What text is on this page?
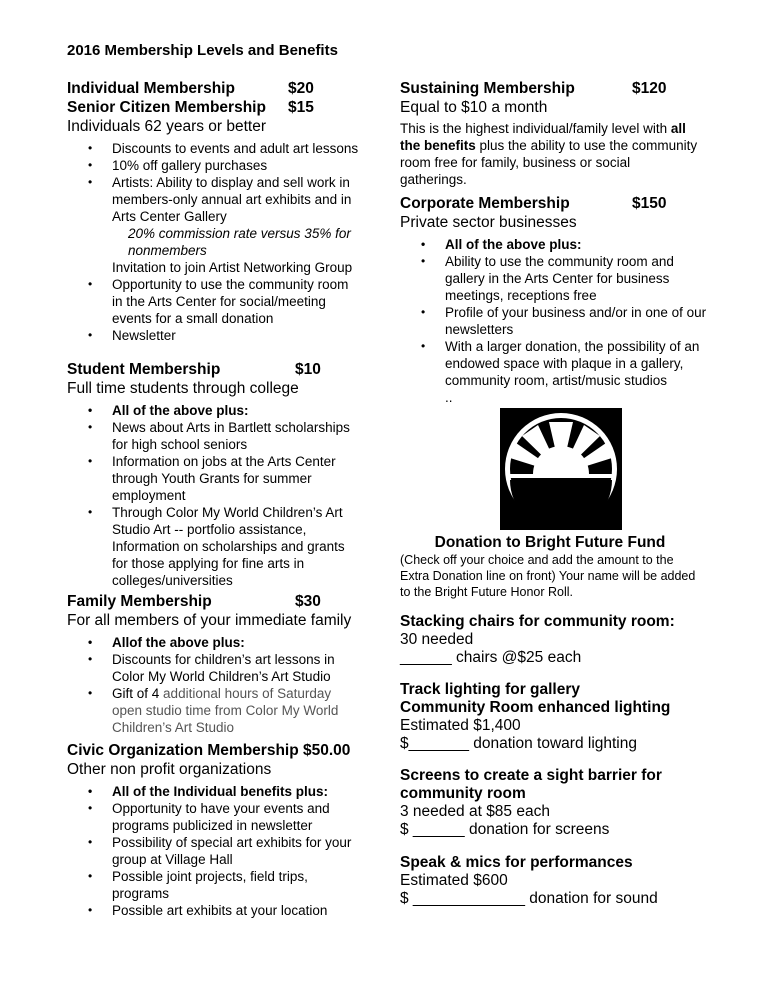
2016 Membership Levels and Benefits
Individual Membership	$20
Senior Citizen Membership $15
Individuals 62 years or better
• Discounts to events and adult art lessons
• 10% off gallery purchases
• Artists: Ability to display and sell work in members-only annual art exhibits and in Arts Center Gallery
20% commission rate versus 35% for nonmembers
Invitation to join Artist Networking Group
• Opportunity to use the community room in the Arts Center for social/meeting events for a small donation
• Newsletter
Student Membership	$10
Full time students through college
• All of the above plus:
• News about Arts in Bartlett scholarships for high school seniors
• Information on jobs at the Arts Center through Youth Grants for summer employment
• Through Color My World Children’s Art Studio Art -- portfolio assistance, Information on scholarships and grants for those applying for fine arts in colleges/universities
Family Membership	$30
For all members of your immediate family
• Allof the above plus:
• Discounts for children’s art lessons in Color My World Children’s Art Studio
• Gift of 4 additional hours of Saturday open studio time from Color My World Children’s Art Studio
Civic Organization Membership $50.00
Other non profit organizations
• All of the Individual benefits plus:
• Opportunity to have your events and programs publicized in newsletter
• Possibility of special art exhibits for your group at Village Hall
• Possible joint projects, field trips, programs
• Possible art exhibits at your location
Sustaining Membership	$120
Equal to $10 a month
This is the highest individual/family level with all the benefits plus the ability to use the community room free for family, business or social gatherings.
Corporate Membership	$150
Private sector businesses
• All of the above plus:
• Ability to use the community room and gallery in the Arts Center for business meetings, receptions free
• Profile of your business and/or in one of our newsletters
• With a larger donation, the possibility of an endowed space with plaque in a gallery, community room, artist/music studios
..
Donation to Bright Future Fund
(Check off your choice and add the amount to the Extra Donation line on front) Your name will be added to the Bright Future Honor Roll.
Stacking chairs for community room:
30 needed
______ chairs @$25 each
Track lighting for gallery
Community Room enhanced lighting
Estimated $1,400
$_______ donation toward lighting
Screens to create a sight barrier for community room
3 needed at $85 each
$ ______ donation for screens
Speak & mics for performances
Estimated $600
$ _____________ donation for sound
